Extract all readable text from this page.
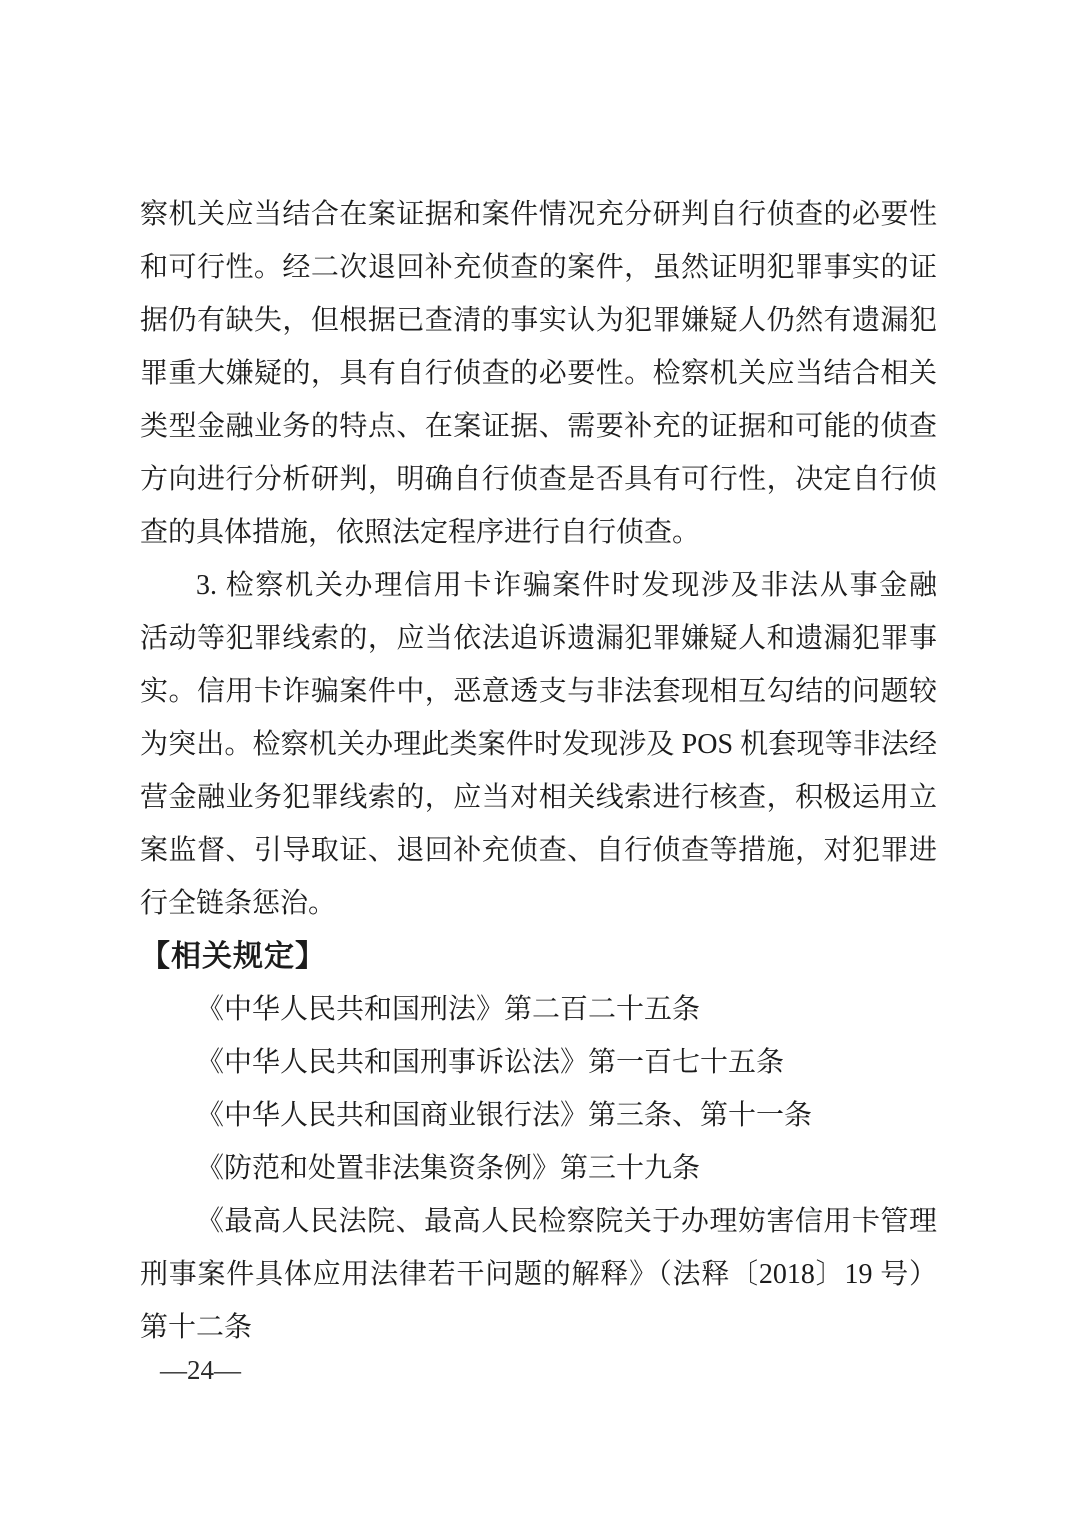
察机关应当结合在案证据和案件情况充分研判自行侦查的必要性
和可行性。经二次退回补充侦查的案件，虽然证明犯罪事实的证
据仍有缺失，但根据已查清的事实认为犯罪嫌疑人仍然有遗漏犯
罪重大嫌疑的，具有自行侦查的必要性。检察机关应当结合相关
类型金融业务的特点、在案证据、需要补充的证据和可能的侦查
方向进行分析研判，明确自行侦查是否具有可行性，决定自行侦
查的具体措施，依照法定程序进行自行侦查。
3. 检察机关办理信用卡诈骗案件时发现涉及非法从事金融
活动等犯罪线索的，应当依法追诉遗漏犯罪嫌疑人和遗漏犯罪事
实。信用卡诈骗案件中，恶意透支与非法套现相互勾结的问题较
为突出。检察机关办理此类案件时发现涉及 POS 机套现等非法经
营金融业务犯罪线索的，应当对相关线索进行核查，积极运用立
案监督、引导取证、退回补充侦查、自行侦查等措施，对犯罪进
行全链条惩治。
【相关规定】
《中华人民共和国刑法》第二百二十五条
《中华人民共和国刑事诉讼法》第一百七十五条
《中华人民共和国商业银行法》第三条、第十一条
《防范和处置非法集资条例》第三十九条
《最高人民法院、最高人民检察院关于办理妨害信用卡管理
刑事案件具体应用法律若干问题的解释》（法释〔2018〕19 号）
第十二条
—24—
